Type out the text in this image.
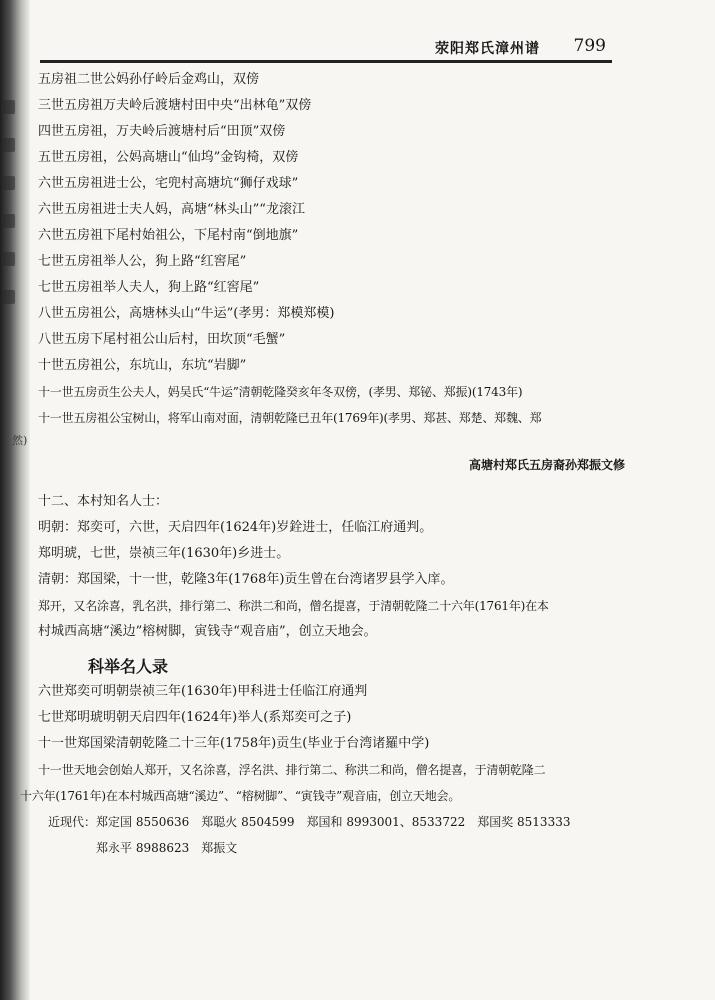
荥阳郑氏漳州谱 799
五房祖二世公妈孙仔岭后金鸡山，双傍
三世五房祖万夫岭后渡塘村田中央“出林龟”双傍
四世五房祖，万夫岭后渡塘村后“田顶”双傍
五世五房祖，公妈高塘山“仙坞”金钩椅，双傍
六世五房祖进士公，宅兜村高塘坑“狮仔戏球”
六世五房祖进士夫人妈，高塘“林头山”“龙滚江
六世五房祖下尾村始祖公，下尾村南“倒地旗”
七世五房祖举人公，狗上路“红窖尾”
七世五房祖举人夫人，狗上路“红窖尾”
八世五房祖公，高塘林头山“牛运”(孝男：郑模郑模)
八世五房下尾村祖公山后村，田坎顶“毛蟹”
十世五房祖公，东坑山，东坑“岩脚”
十一世五房贡生公夫人，妈吴氏“牛运”清朝乾隆癸亥年冬双傍，(孝男、郑铋、郑振)(1743年)
十一世五房祖公宝树山，将军山南对面，清朝乾隆已丑年(1769年)(孝男、郑甚、郑楚、郑魏、郑
然)
高塘村郑氏五房裔孙郑振文修
十二、本村知名人士：
明朝：郑奕可，六世，天启四年(1624年)岁銓进士，任临江府通判。
郑明琥，七世，崇祯三年(1630年)乡进士。
清朝：郑国梁，十一世，乾隆3年(1768年)贡生曾在台湾诸罗县学入庠。
郑开，又名涂喜，乳名洪，排行第二、称洪二和尚，僧名提喜，于清朝乾隆二十六年(1761年)在本
村城西高塘“溪边”榕树脚，寅钱寺“观音庙”，创立天地会。
科举名人录
六世郑奕可明朝崇祯三年(1630年)甲科进士任临江府通判
七世郑明琥明朝天启四年(1624年)举人(系郑奕可之子)
十一世郑国梁清朝乾隆二十三年(1758年)贡生(毕业于台湾诸羅中学)
十一世天地会创始人郑开，又名涂喜，浮名洪、排行第二、称洪二和尚，僧名提喜，于清朝乾隆二
十六年(1761年)在本村城西高塘“溪边”、“榕树脚”、“寅钱寺”观音庙，创立天地会。
近现代：郑定国 8550636　郑聪火 8504599　郑国和 8993001、8533722　郑国奖 8513333
郑永平 8988623　郑振文
